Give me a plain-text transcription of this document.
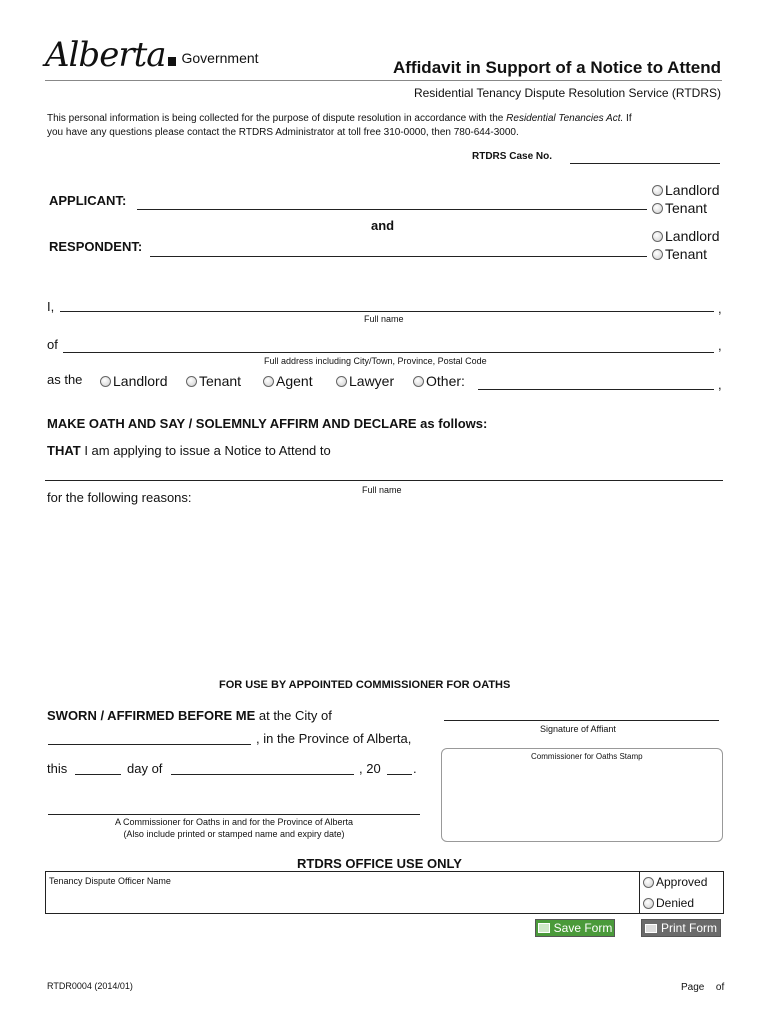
Alberta Government	Affidavit in Support of a Notice to Attend
Residential Tenancy Dispute Resolution Service (RTDRS)
This personal information is being collected for the purpose of dispute resolution in accordance with the Residential Tenancies Act. If
you have any questions please contact the RTDRS Administrator at toll free 310-0000, then 780-644-3000.
RTDRS Case No.
APPLICANT:
Landlord
Tenant
and
RESPONDENT:
Landlord
Tenant
I,	,
Full name
of	,
Full address including City/Town, Province, Postal Code
as the Landlord Tenant Agent	Lawyer Other:	,
MAKE OATH AND SAY / SOLEMNLY AFFIRM AND DECLARE as follows:
THAT I am applying to issue a Notice to Attend to
Full name
for the following reasons:
FOR USE BY APPOINTED COMMISSIONER FOR OATHS
SWORN / AFFIRMED BEFORE ME at the City of
, in the Province of Alberta,
this	day of	, 20 .
Signature of Affiant
Commissioner for Oaths Stamp
A Commissioner for Oaths in and for the Province of Alberta
(Also include printed or stamped name and expiry date)
RTDRS OFFICE USE ONLY
Tenancy Dispute Officer Name	Approved
Denied
Save Form	Print Form
RTDR0004 (2014/01)	Page of
